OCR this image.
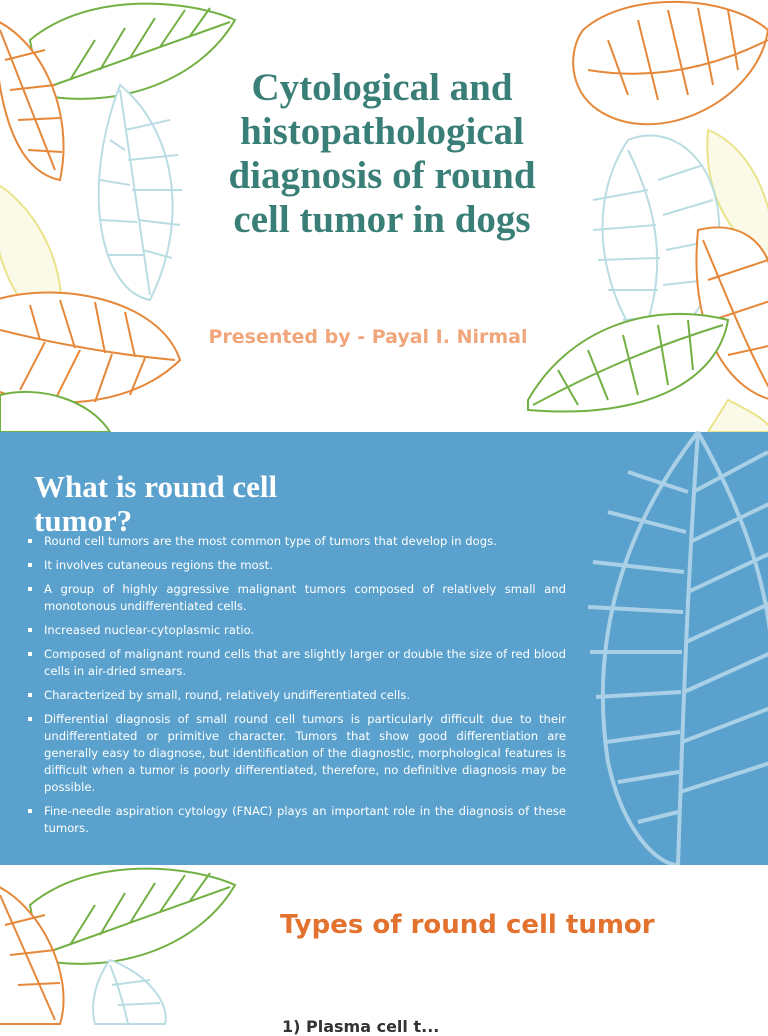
Cytological and histopathological diagnosis of round cell tumor in dogs
Presented by - Payal I. Nirmal
What is round cell tumor?
Round cell tumors are the most common type of tumors that develop in dogs.
It involves cutaneous regions the most.
A group of highly aggressive malignant tumors composed of relatively small and monotonous undifferentiated cells.
Increased nuclear-cytoplasmic ratio.
Composed of malignant round cells that are slightly larger or double the size of red blood cells in air-dried smears.
Characterized by small, round, relatively undifferentiated cells.
Differential diagnosis of small round cell tumors is particularly difficult due to their undifferentiated or primitive character. Tumors that show good differentiation are generally easy to diagnose, but identification of the diagnostic, morphological features is difficult when a tumor is poorly differentiated, therefore, no definitive diagnosis may be possible.
Fine-needle aspiration cytology (FNAC) plays an important role in the diagnosis of these tumors.
Types of round cell tumor
1) Plasma cell t...
